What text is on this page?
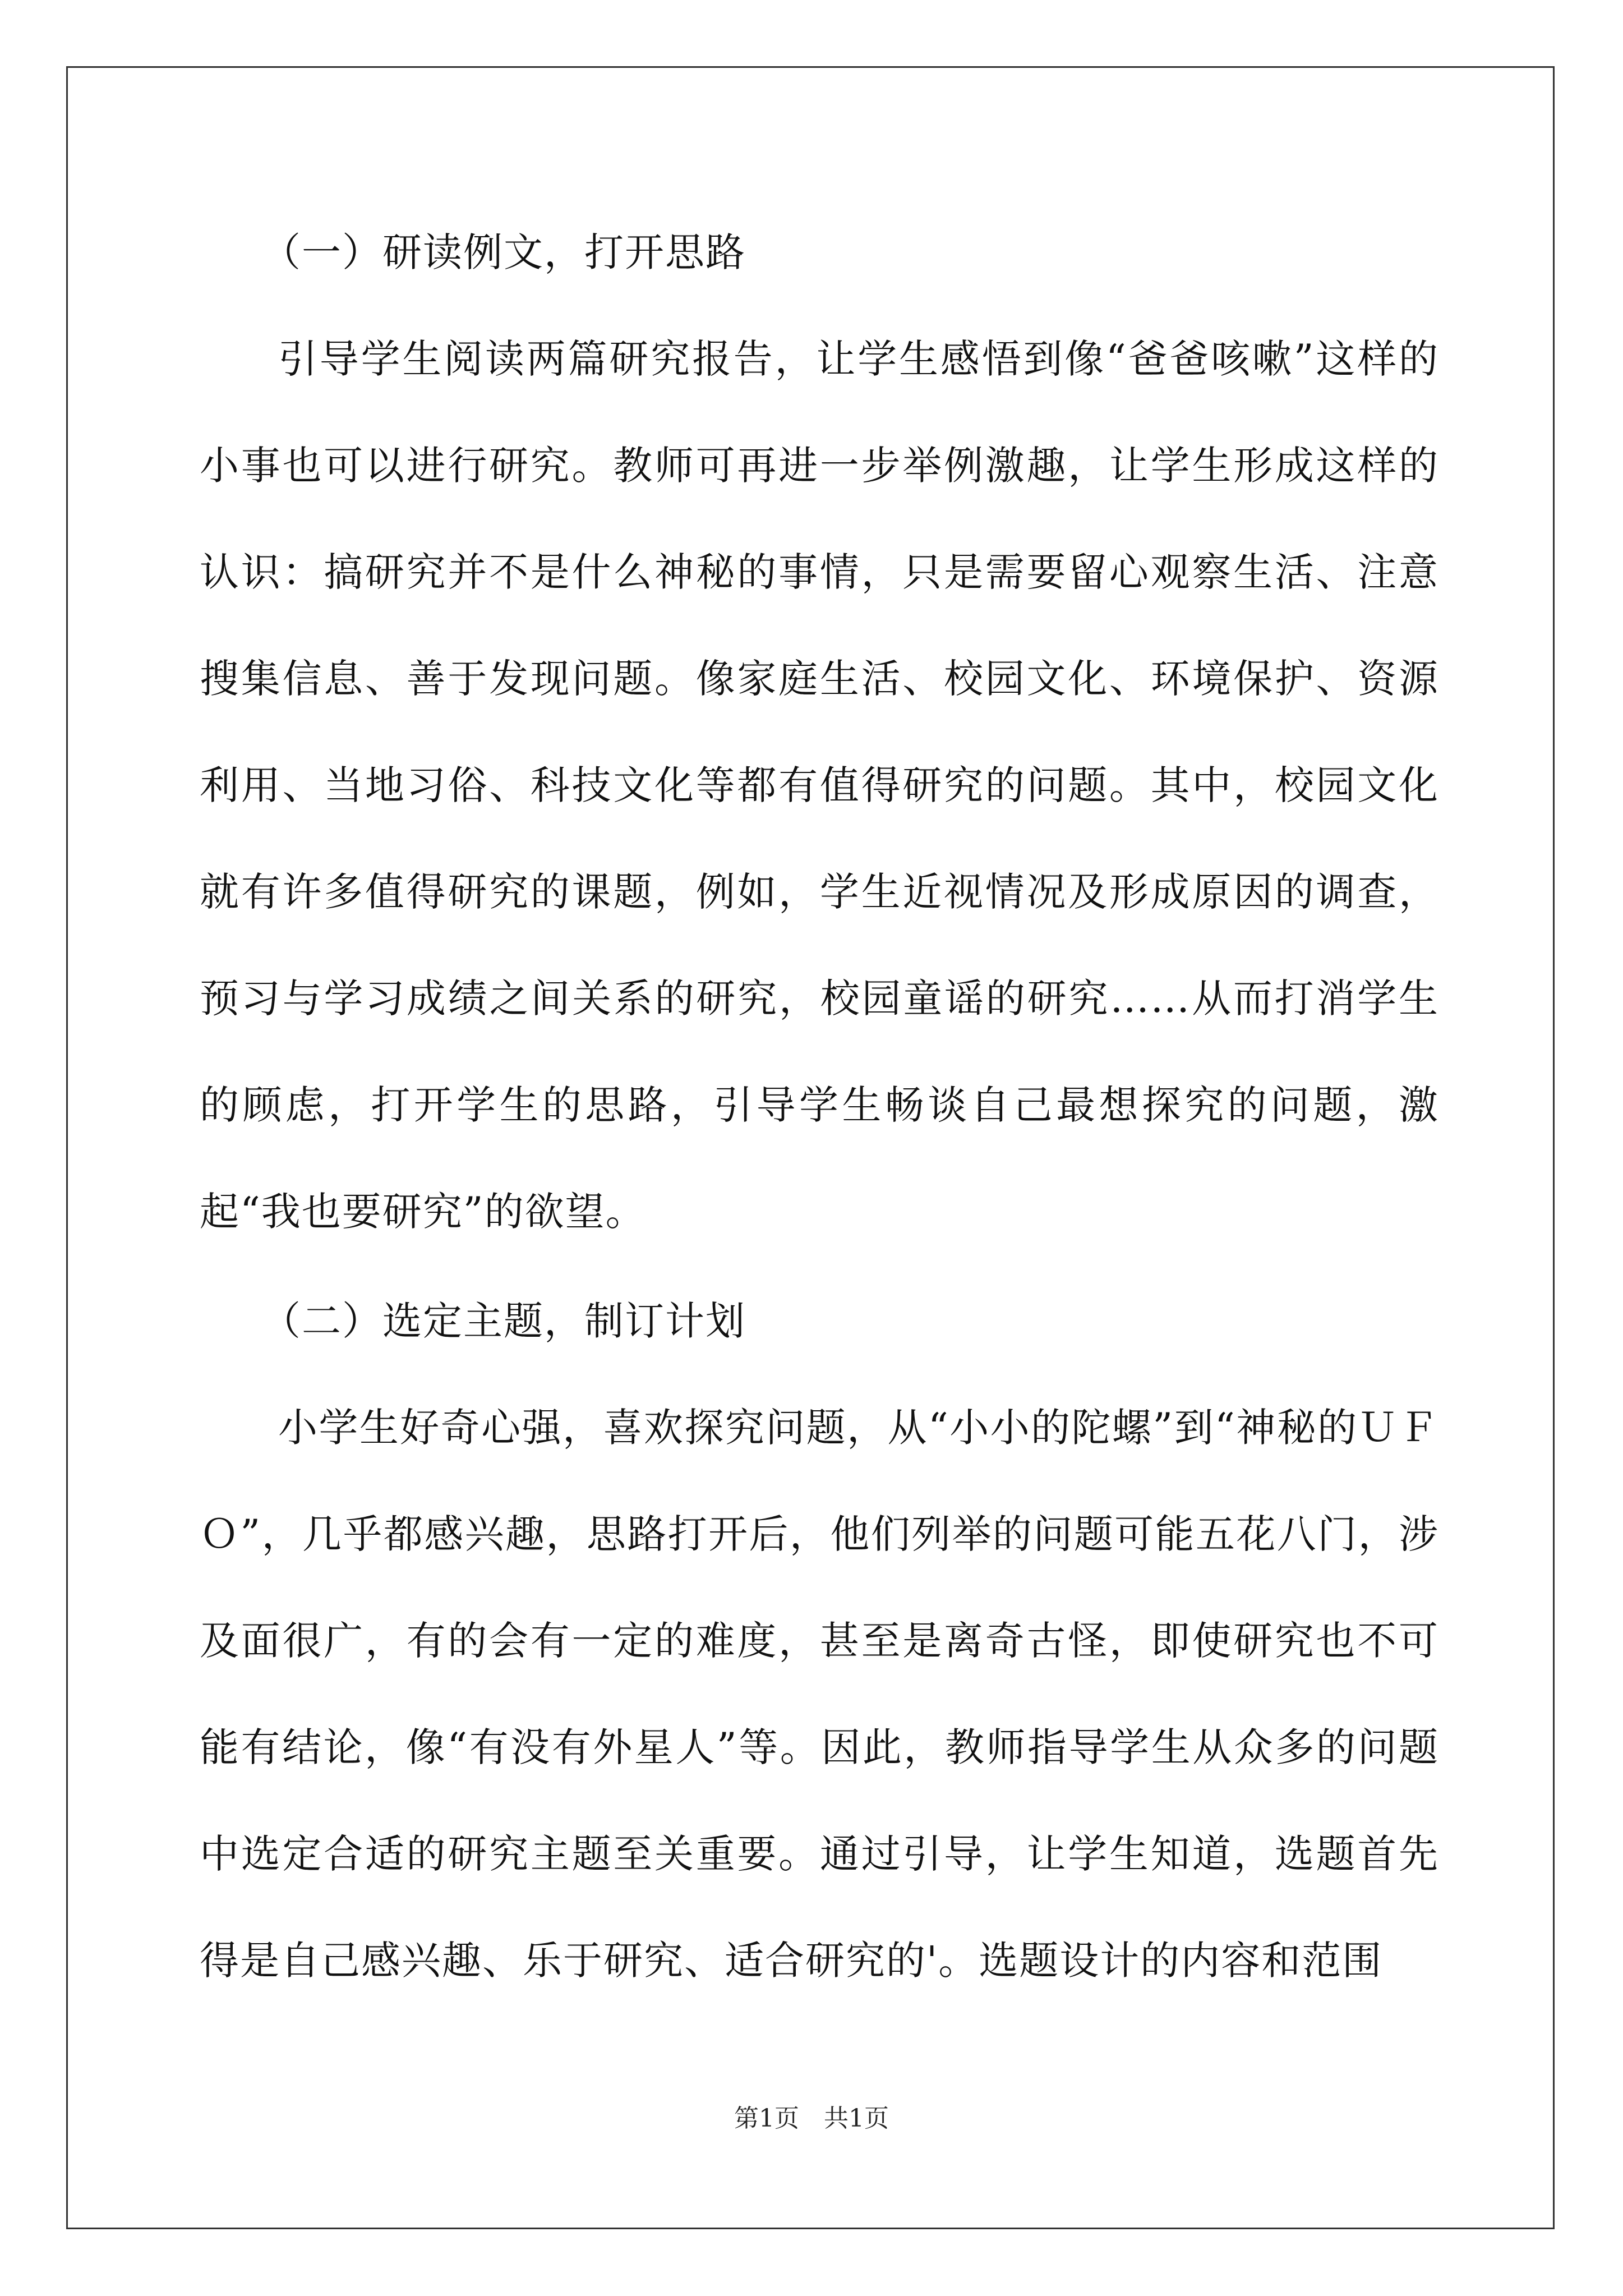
（一）研读例文，打开思路

引导学生阅读两篇研究报告，让学生感悟到像“爸爸咳嗽”这样的小事也可以进行研究。教师可再进一步举例激趣，让学生形成这样的认识：搞研究并不是什么神秘的事情，只是需要留心观察生活、注意搜集信息、善于发现问题。像家庭生活、校园文化、环境保护、资源利用、当地习俗、科技文化等都有值得研究的问题。其中，校园文化就有许多值得研究的课题，例如，学生近视情况及形成原因的调查，预习与学习成绩之间关系的研究，校园童谣的研究……从而打消学生的顾虑，打开学生的思路，引导学生畅谈自己最想探究的问题，激起“我也要研究”的欲望。

（二）选定主题，制订计划

小学生好奇心强，喜欢探究问题，从“小小的陀螺”到“神秘的ＵＦＯ”，几乎都感兴趣，思路打开后，他们列举的问题可能五花八门，涉及面很广，有的会有一定的难度，甚至是离奇古怪，即使研究也不可能有结论，像“有没有外星人”等。因此，教师指导学生从众多的问题中选定合适的研究主题至关重要。通过引导，让学生知道，选题首先得是自己感兴趣、乐于研究、适合研究的'。选题设计的内容和范围

第1页　共1页
